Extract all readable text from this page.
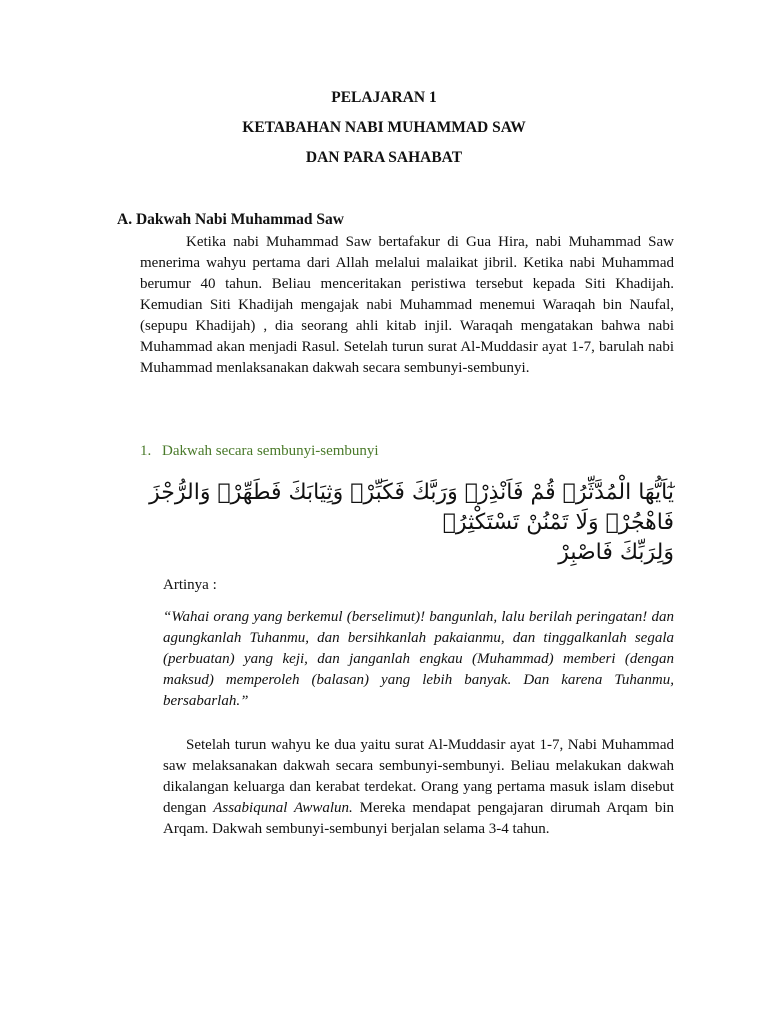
PELAJARAN 1
KETABAHAN NABI MUHAMMAD SAW
DAN PARA SAHABAT
A. Dakwah Nabi Muhammad Saw

Ketika nabi Muhammad Saw bertafakur di Gua Hira, nabi Muhammad Saw menerima wahyu pertama dari Allah melalui malaikat jibril. Ketika nabi Muhammad berumur 40 tahun. Beliau menceritakan peristiwa tersebut kepada Siti Khadijah. Kemudian Siti Khadijah mengajak nabi Muhammad menemui Waraqah bin Naufal, (sepupu Khadijah) , dia seorang ahli kitab injil. Waraqah mengatakan bahwa nabi Muhammad akan menjadi Rasul. Setelah turun surat Al-Muddasir ayat 1-7, barulah nabi Muhammad menlaksanakan dakwah secara sembunyi-sembunyi.

1. Dakwah secara sembunyi-sembunyi
يٰٓاَيُّهَا الْمُدَّثِّرُۙ قُمْ فَاَنْذِرْۖ وَرَبَّكَ فَكَبِّرْۖ وَثِيَابَكَ فَطَهِّرْۖ وَالرُّجْزَ
فَاهْجُرْۖ وَلَا تَمْنُنْ تَسْتَكْثِرُۖ
وَلِرَبِّكَ فَاصْبِرْ
Artinya :

“Wahai orang yang berkemul (berselimut)! bangunlah, lalu berilah peringatan! dan agungkanlah Tuhanmu, dan bersihkanlah pakaianmu, dan tinggalkanlah segala (perbuatan) yang keji, dan janganlah engkau (Muhammad) memberi (dengan maksud) memperoleh (balasan) yang lebih banyak. Dan karena Tuhanmu, bersabarlah.”

Setelah turun wahyu ke dua yaitu surat Al-Muddasir ayat 1-7, Nabi Muhammad saw melaksanakan dakwah secara sembunyi-sembunyi. Beliau melakukan dakwah dikalangan keluarga dan kerabat terdekat. Orang yang pertama masuk islam disebut dengan Assabiqunal Awwalun. Mereka mendapat pengajaran dirumah Arqam bin Arqam. Dakwah sembunyi-sembunyi berjalan selama 3-4 tahun.
